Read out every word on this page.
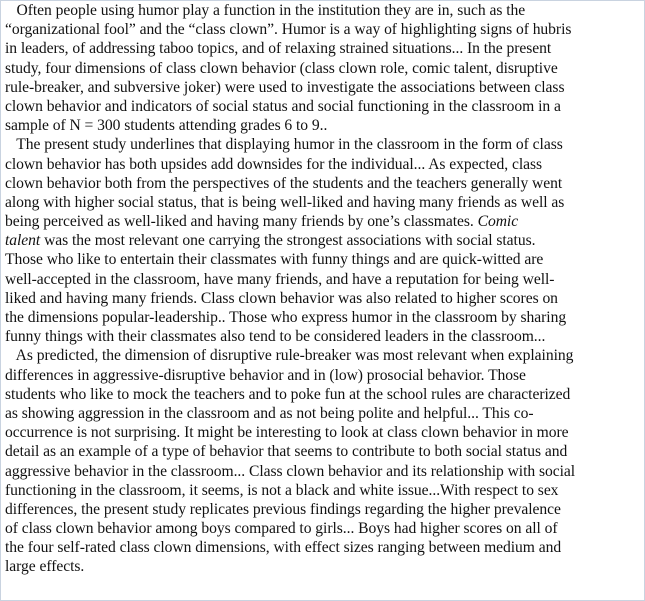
Often people using humor play a function in the institution they are in, such as the
“organizational fool” and the “class clown”. Humor is a way of highlighting signs of hubris
in leaders, of addressing taboo topics, and of relaxing strained situations... In the present
study, four dimensions of class clown behavior (class clown role, comic talent, disruptive
rule-breaker, and subversive joker) were used to investigate the associations between class
clown behavior and indicators of social status and social functioning in the classroom in a
sample of N = 300 students attending grades 6 to 9..
The present study underlines that displaying humor in the classroom in the form of class
clown behavior has both upsides add downsides for the individual... As expected, class
clown behavior both from the perspectives of the students and the teachers generally went
along with higher social status, that is being well-liked and having many friends as well as
being perceived as well-liked and having many friends by one’s classmates. Comic
talent was the most relevant one carrying the strongest associations with social status.
Those who like to entertain their classmates with funny things and are quick-witted are
well-accepted in the classroom, have many friends, and have a reputation for being well-
liked and having many friends. Class clown behavior was also related to higher scores on
the dimensions popular-leadership.. Those who express humor in the classroom by sharing
funny things with their classmates also tend to be considered leaders in the classroom...
As predicted, the dimension of disruptive rule-breaker was most relevant when explaining
differences in aggressive-disruptive behavior and in (low) prosocial behavior. Those
students who like to mock the teachers and to poke fun at the school rules are characterized
as showing aggression in the classroom and as not being polite and helpful... This co-
occurrence is not surprising. It might be interesting to look at class clown behavior in more
detail as an example of a type of behavior that seems to contribute to both social status and
aggressive behavior in the classroom... Class clown behavior and its relationship with social
functioning in the classroom, it seems, is not a black and white issue...With respect to sex
differences, the present study replicates previous findings regarding the higher prevalence
of class clown behavior among boys compared to girls... Boys had higher scores on all of
the four self-rated class clown dimensions, with effect sizes ranging between medium and
large effects.
